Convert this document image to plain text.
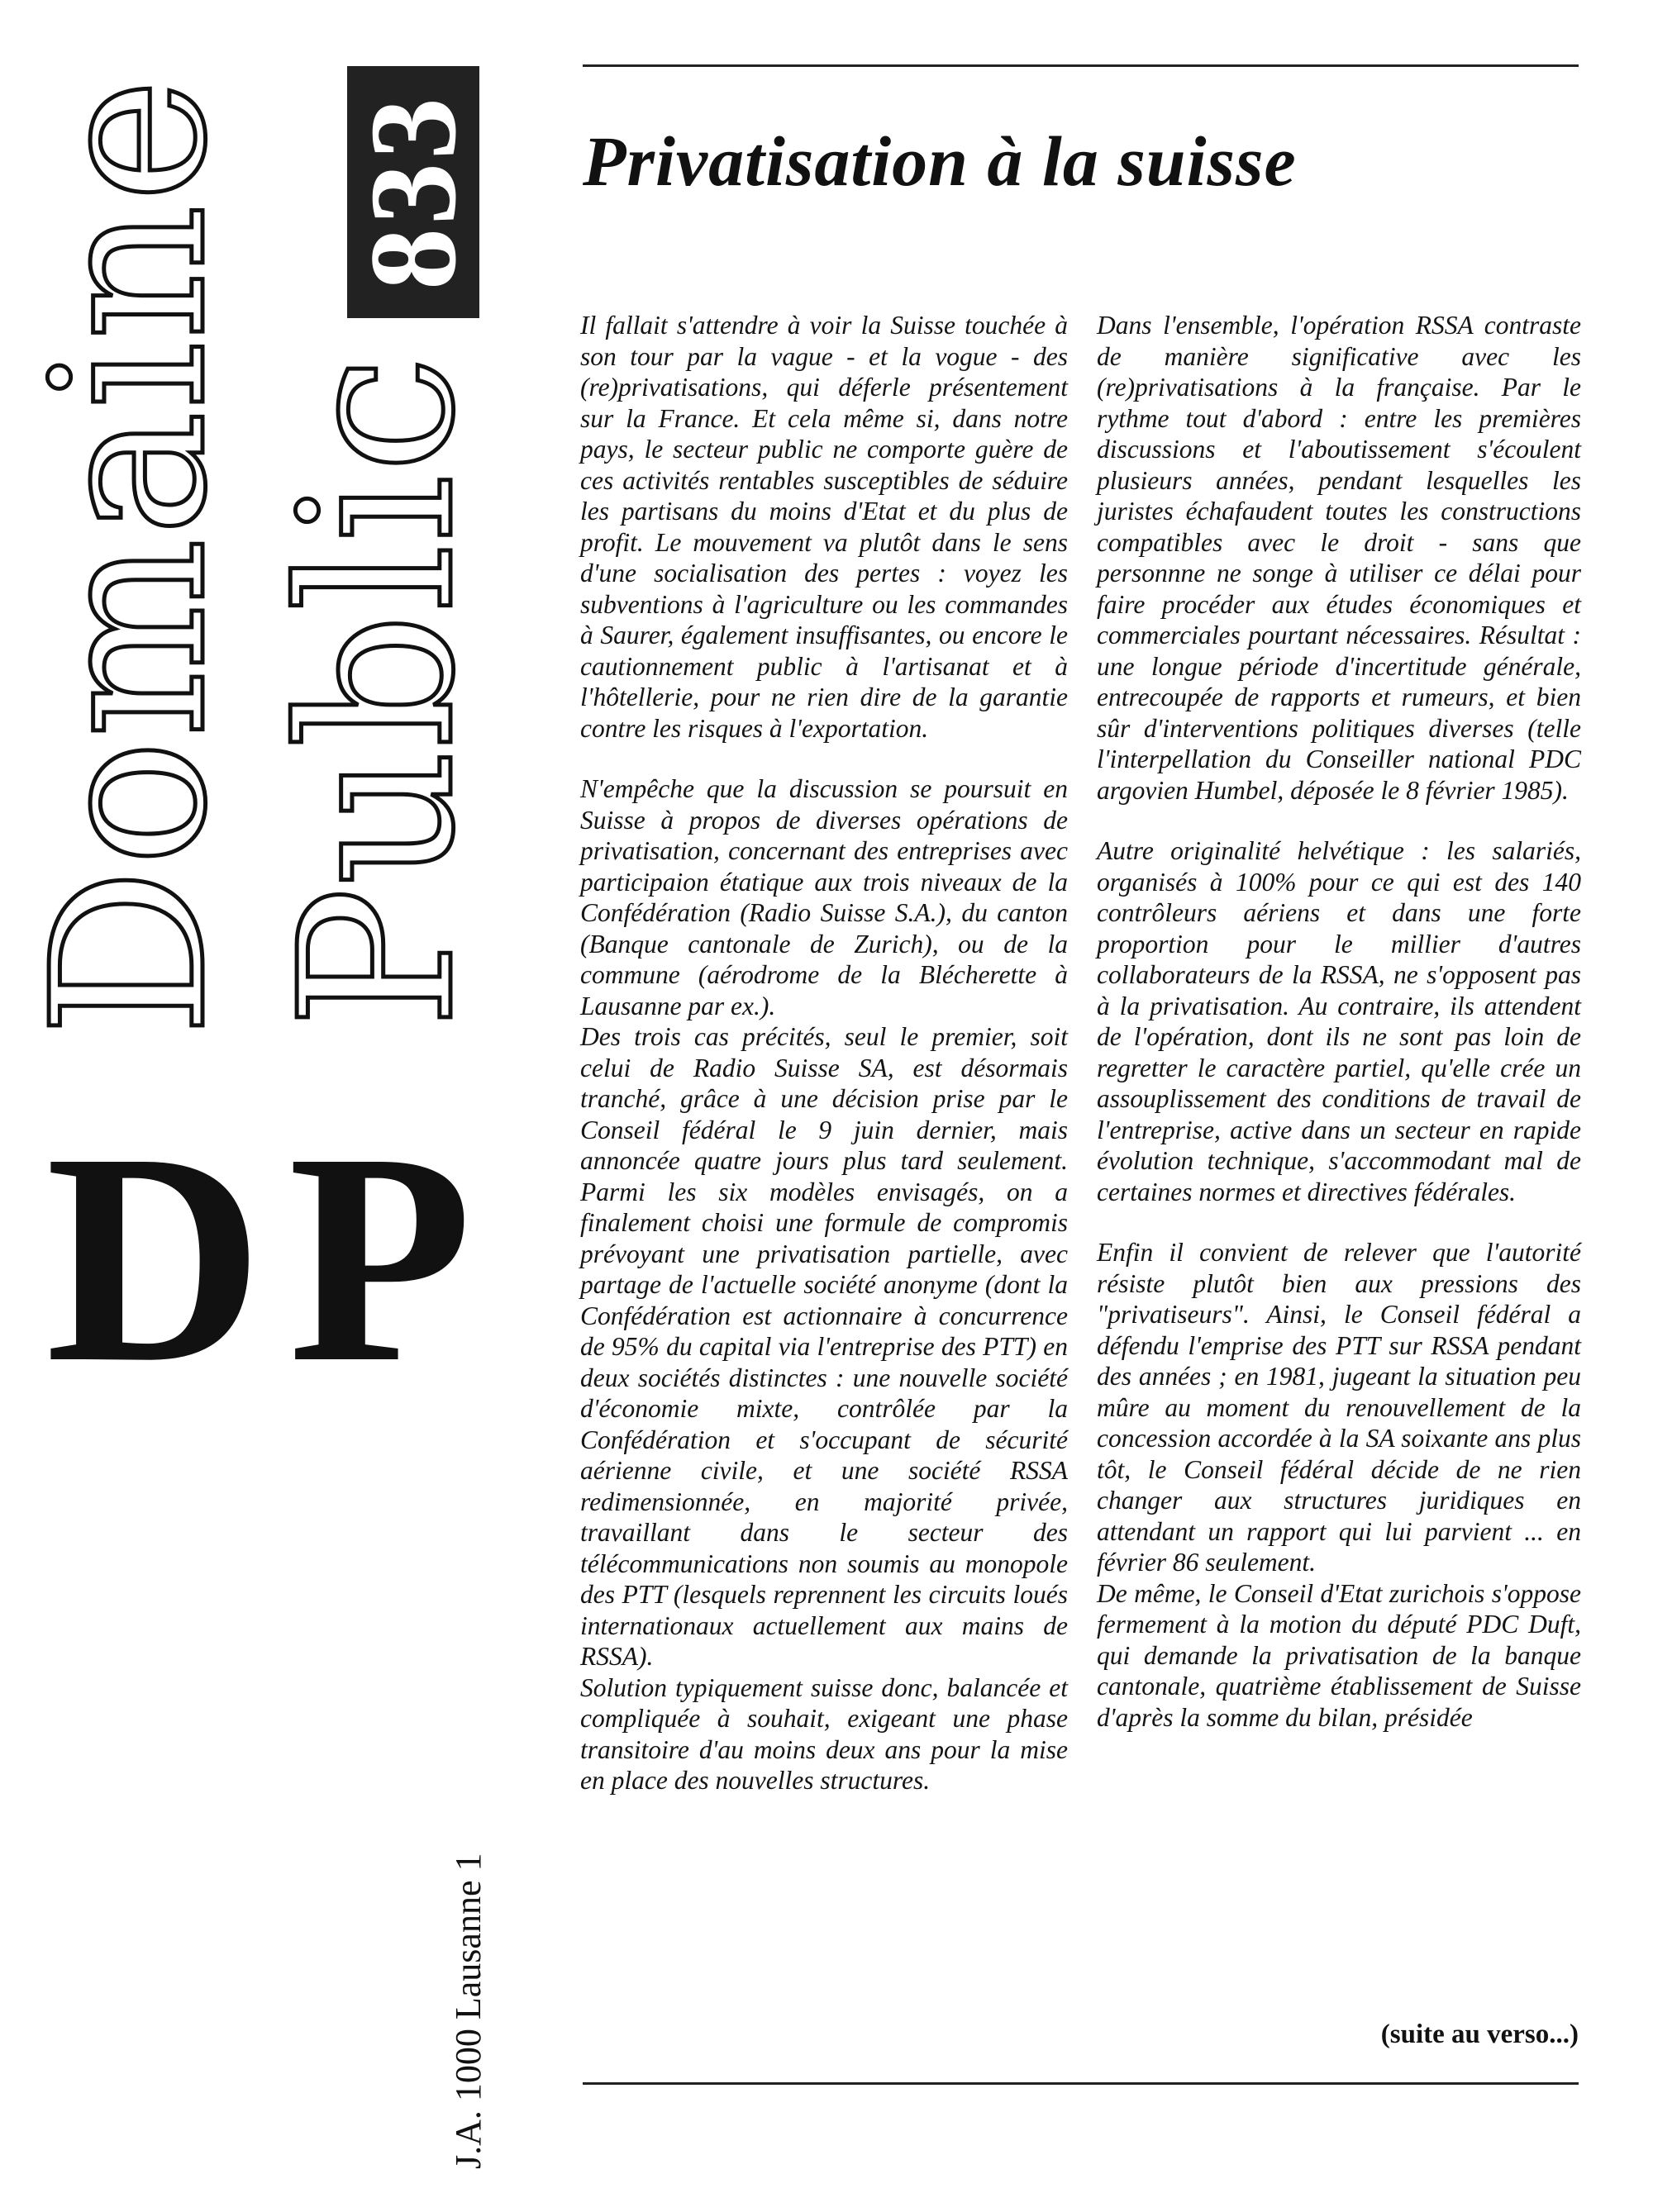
Domaine Public
833
DP
J.A. 1000 Lausanne 1
Privatisation à la suisse

Il fallait s'attendre à voir la Suisse touchée à son tour par la vague - et la vogue - des (re)privatisations, qui déferle présentement sur la France. Et cela même si, dans notre pays, le secteur public ne comporte guère de ces activités rentables susceptibles de séduire les partisans du moins d'Etat et du plus de profit. Le mouvement va plutôt dans le sens d'une socialisation des pertes : voyez les subventions à l'agriculture ou les commandes à Saurer, également insuffisantes, ou encore le cautionnement public à l'artisanat et à l'hôtellerie, pour ne rien dire de la garantie contre les risques à l'exportation.

N'empêche que la discussion se poursuit en Suisse à propos de diverses opérations de privatisation, concernant des entreprises avec participaion étatique aux trois niveaux de la Confédération (Radio Suisse S.A.), du canton (Banque cantonale de Zurich), ou de la commune (aérodrome de la Blécherette à Lausanne par ex.).

Des trois cas précités, seul le premier, soit celui de Radio Suisse SA, est désormais tranché, grâce à une décision prise par le Conseil fédéral le 9 juin dernier, mais annoncée quatre jours plus tard seulement. Parmi les six modèles envisagés, on a finalement choisi une formule de compromis prévoyant une privatisation partielle, avec partage de l'actuelle société anonyme (dont la Confédération est actionnaire à concurrence de 95% du capital via l'entreprise des PTT) en deux sociétés distinctes : une nouvelle société d'économie mixte, contrôlée par la Confédération et s'occupant de sécurité aérienne civile, et une société RSSA redimensionnée, en majorité privée, travaillant dans le secteur des télécommunications non soumis au monopole des PTT (lesquels reprennent les circuits loués internationaux actuellement aux mains de RSSA).

Solution typiquement suisse donc, balancée et compliquée à souhait, exigeant une phase transitoire d'au moins deux ans pour la mise en place des nouvelles structures.

Dans l'ensemble, l'opération RSSA contraste de manière significative avec les (re)privatisations à la française. Par le rythme tout d'abord : entre les premières discussions et l'aboutissement s'écoulent plusieurs années, pendant lesquelles les juristes échafaudent toutes les constructions compatibles avec le droit - sans que personnne ne songe à utiliser ce délai pour faire procéder aux études économiques et commerciales pourtant nécessaires. Résultat : une longue période d'incertitude générale, entrecoupée de rapports et rumeurs, et bien sûr d'interventions politiques diverses (telle l'interpellation du Conseiller national PDC argovien Humbel, déposée le 8 février 1985).

Autre originalité helvétique : les salariés, organisés à 100% pour ce qui est des 140 contrôleurs aériens et dans une forte proportion pour le millier d'autres collaborateurs de la RSSA, ne s'opposent pas à la privatisation. Au contraire, ils attendent de l'opération, dont ils ne sont pas loin de regretter le caractère partiel, qu'elle crée un assouplissement des conditions de travail de l'entreprise, active dans un secteur en rapide évolution technique, s'accommodant mal de certaines normes et directives fédérales.

Enfin il convient de relever que l'autorité résiste plutôt bien aux pressions des "privatiseurs". Ainsi, le Conseil fédéral a défendu l'emprise des PTT sur RSSA pendant des années ; en 1981, jugeant la situation peu mûre au moment du renouvellement de la concession accordée à la SA soixante ans plus tôt, le Conseil fédéral décide de ne rien changer aux structures juridiques en attendant un rapport qui lui parvient ... en février 86 seulement.

De même, le Conseil d'Etat zurichois s'oppose fermement à la motion du député PDC Duft, qui demande la privatisation de la banque cantonale, quatrième établissement de Suisse d'après la somme du bilan, présidée

(suite au verso...)
